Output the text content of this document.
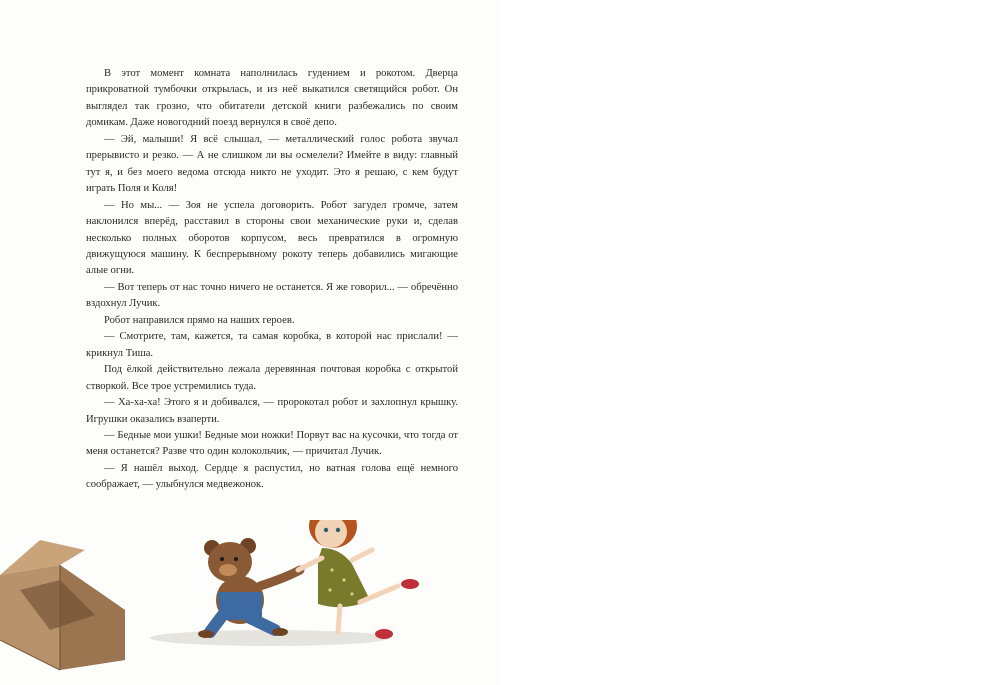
В этот момент комната наполнилась гудением и рокотом. Дверца прикроватной тумбочки открылась, и из неё выкатился светящийся робот. Он выглядел так грозно, что обитатели детской книги разбежались по своим домикам. Даже новогодний поезд вернулся в своё депо.

— Эй, малыши! Я всё слышал, — металлический голос робота звучал прерывисто и резко. — А не слишком ли вы осмелели? Имейте в виду: главный тут я, и без моего ведома отсюда никто не уходит. Это я решаю, с кем будут играть Поля и Коля!

— Но мы... — Зоя не успела договорить. Робот загудел громче, затем наклонился вперёд, расставил в стороны свои механические руки и, сделав несколько полных оборотов корпусом, весь превратился в огромную движущуюся машину. К беспрерывному рокоту теперь добавились мигающие алые огни.

— Вот теперь от нас точно ничего не останется. Я же говорил... — обречённо вздохнул Лучик.

Робот направился прямо на наших героев.

— Смотрите, там, кажется, та самая коробка, в которой нас прислали! — крикнул Тиша.

Под ёлкой действительно лежала деревянная почтовая коробка с открытой створкой. Все трое устремились туда.

— Ха-ха-ха! Этого я и добивался, — пророкотал робот и захлопнул крышку. Игрушки оказались взаперти.

— Бедные мои ушки! Бедные мои ножки! Порвут вас на кусочки, что тогда от меня останется? Разве что один колокольчик, — причитал Лучик.

— Я нашёл выход. Сердце я распустил, но ватная голова ещё немного соображает, — улыбнулся медвежонок.
